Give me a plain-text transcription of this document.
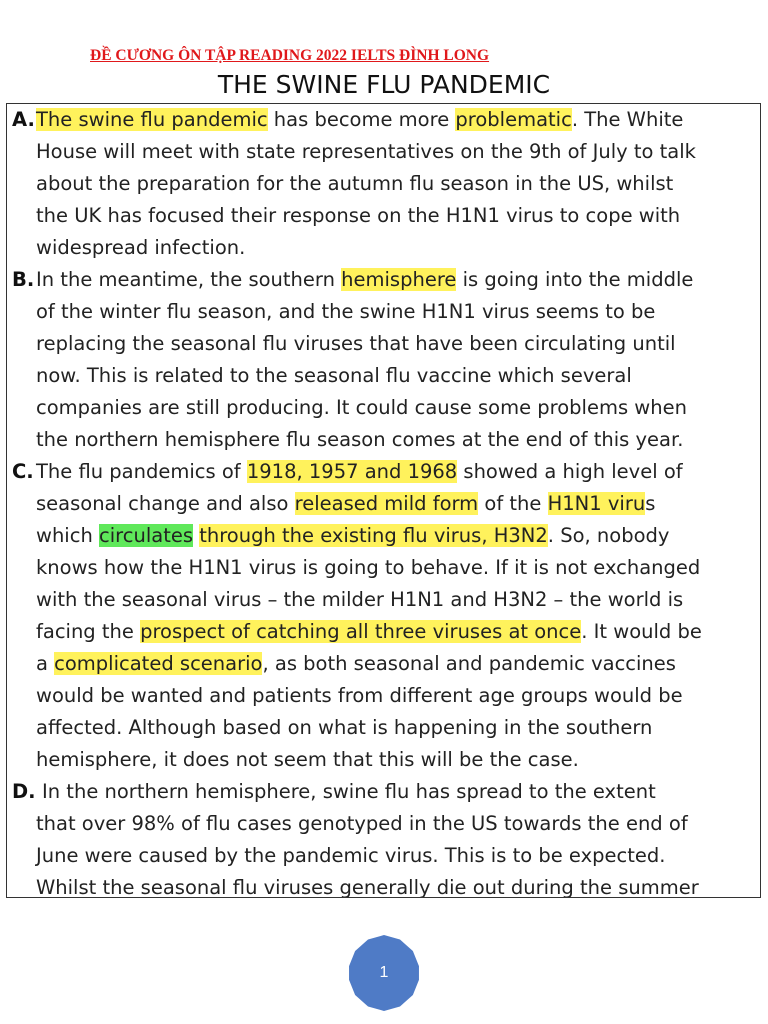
ĐỀ CƯƠNG ÔN TẬP READING 2022 IELTS ĐÌNH LONG
THE SWINE FLU PANDEMIC
A.The swine flu pandemic has become more problematic. The White
House will meet with state representatives on the 9th of July to talk
about the preparation for the autumn flu season in the US, whilst
the UK has focused their response on the H1N1 virus to cope with
widespread infection.
B.In the meantime, the southern hemisphere is going into the middle
of the winter flu season, and the swine H1N1 virus seems to be
replacing the seasonal flu viruses that have been circulating until
now. This is related to the seasonal flu vaccine which several
companies are still producing. It could cause some problems when
the northern hemisphere flu season comes at the end of this year.
C. The flu pandemics of 1918, 1957 and 1968 showed a high level of
seasonal change and also released mild form of the H1N1 virus
which circulates through the existing flu virus, H3N2. So, nobody
knows how the H1N1 virus is going to behave. If it is not exchanged
with the seasonal virus – the milder H1N1 and H3N2 – the world is
facing the prospect of catching all three viruses at once. It would be
a complicated scenario, as both seasonal and pandemic vaccines
would be wanted and patients from different age groups would be
affected. Although based on what is happening in the southern
hemisphere, it does not seem that this will be the case.
D. In the northern hemisphere, swine flu has spread to the extent
that over 98% of flu cases genotyped in the US towards the end of
June were caused by the pandemic virus. This is to be expected.
Whilst the seasonal flu viruses generally die out during the summer
1
